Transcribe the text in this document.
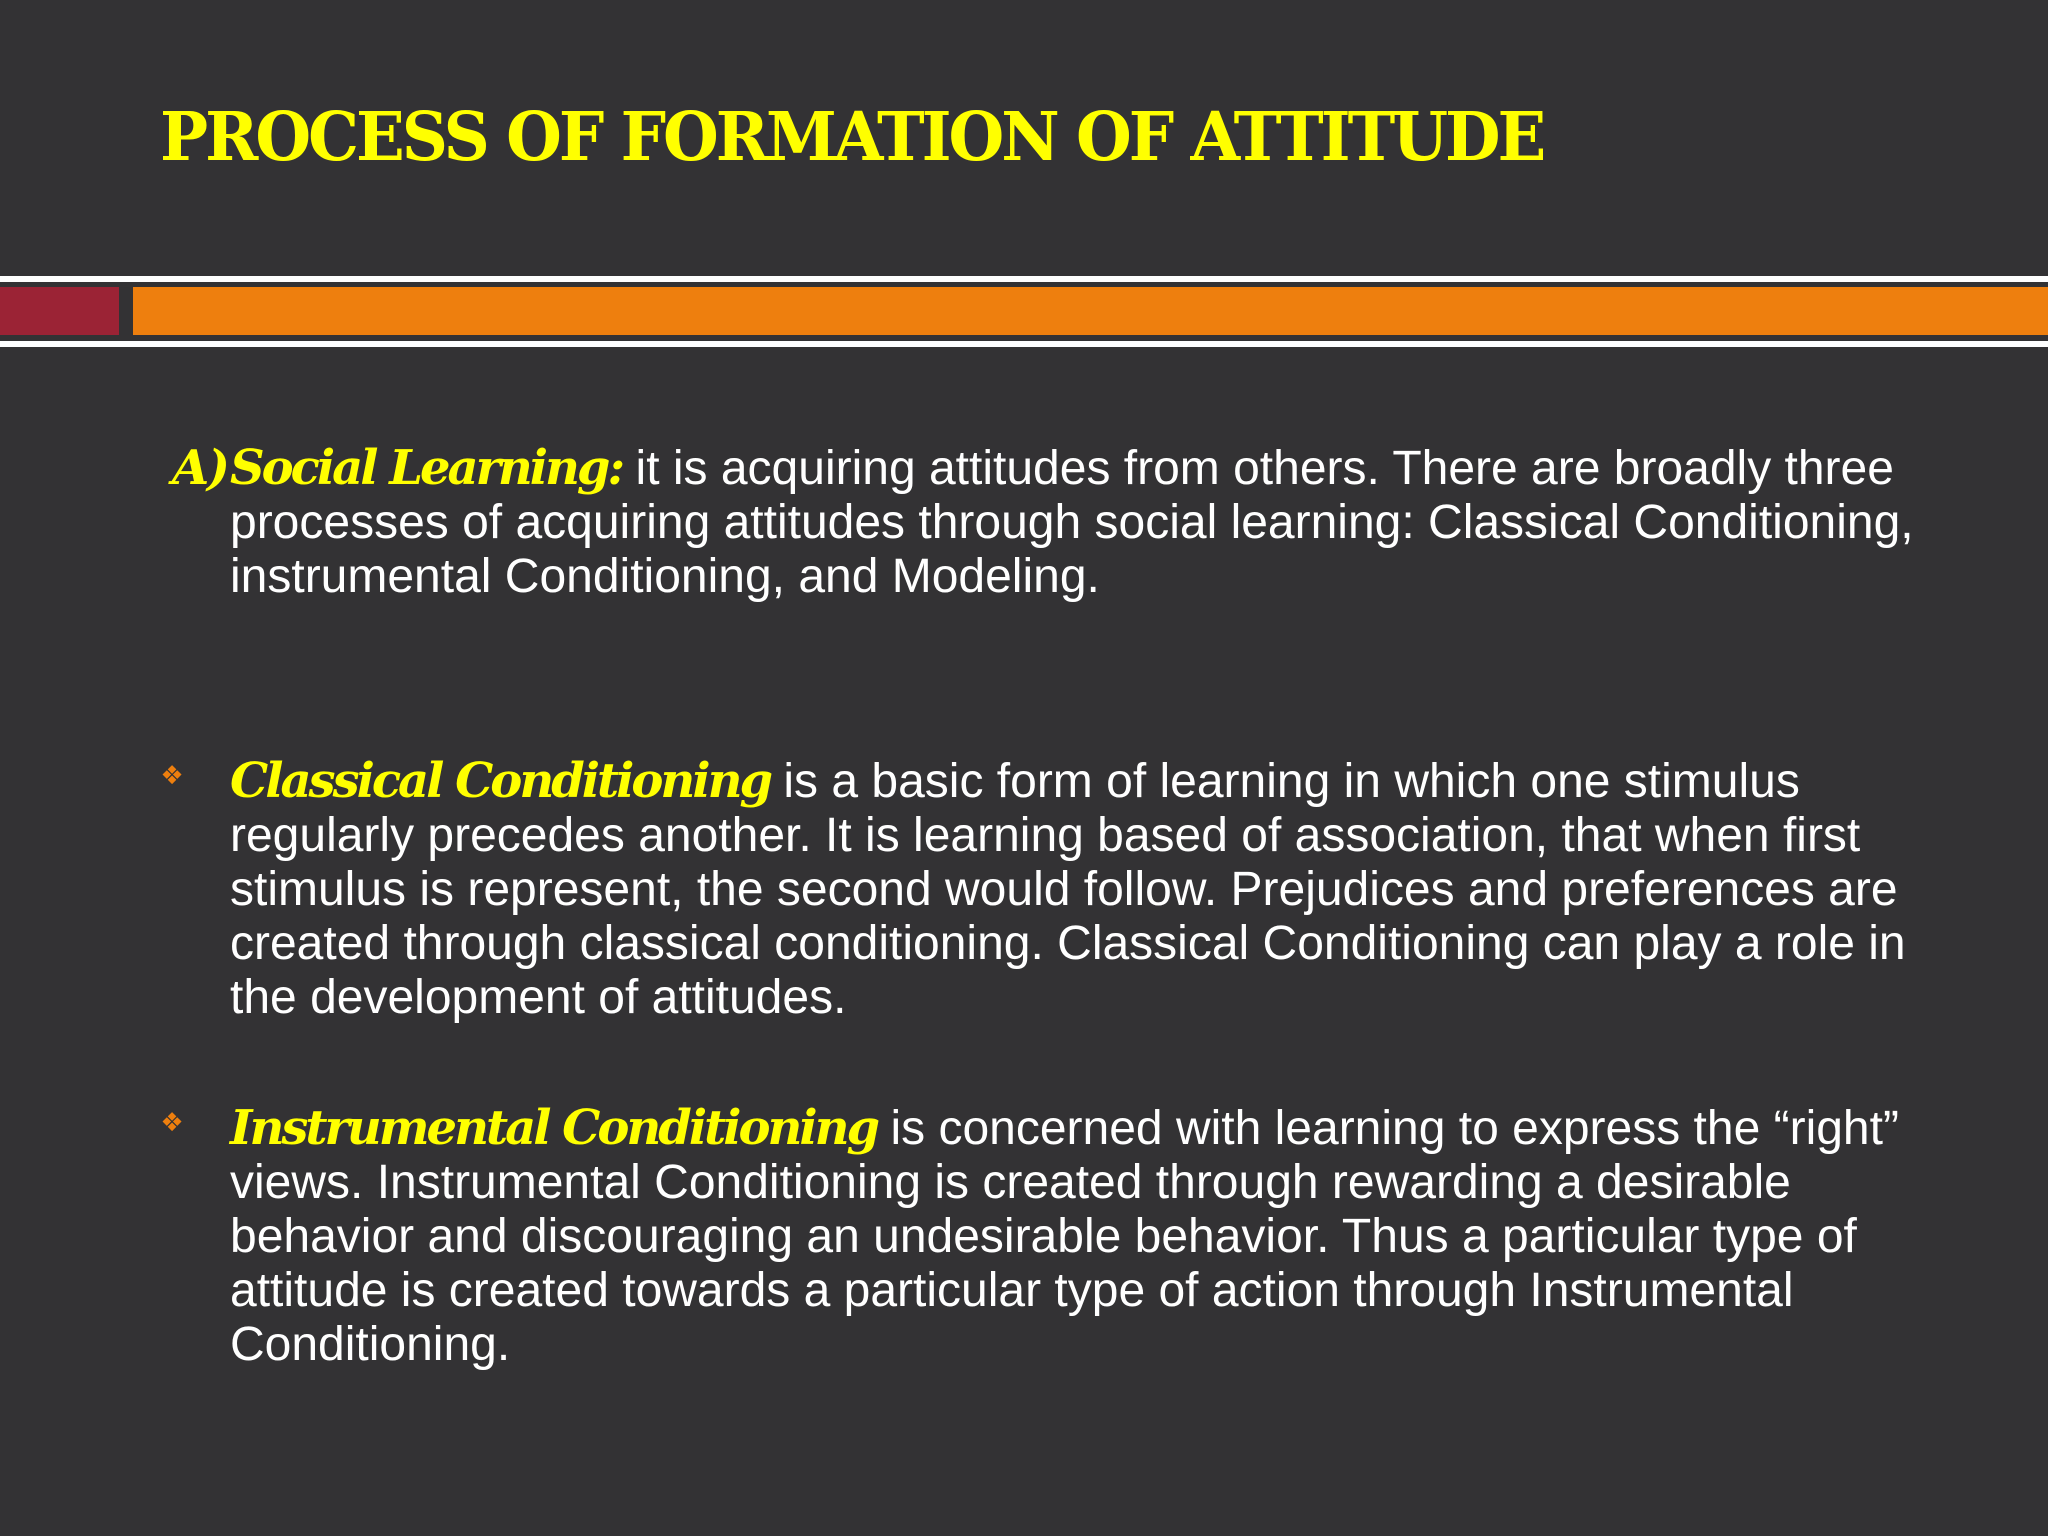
PROCESS OF FORMATION OF ATTITUDE
A) Social Learning: it is acquiring attitudes from others. There are broadly three processes of acquiring attitudes through social learning: Classical Conditioning, instrumental Conditioning, and Modeling.

❖ Classical Conditioning is a basic form of learning in which one stimulus regularly precedes another. It is learning based of association, that when first stimulus is represent, the second would follow. Prejudices and preferences are created through classical conditioning. Classical Conditioning can play a role in the development of attitudes.

❖ Instrumental Conditioning is concerned with learning to express the “right” views. Instrumental Conditioning is created through rewarding a desirable behavior and discouraging an undesirable behavior. Thus a particular type of attitude is created towards a particular type of action through Instrumental Conditioning.
